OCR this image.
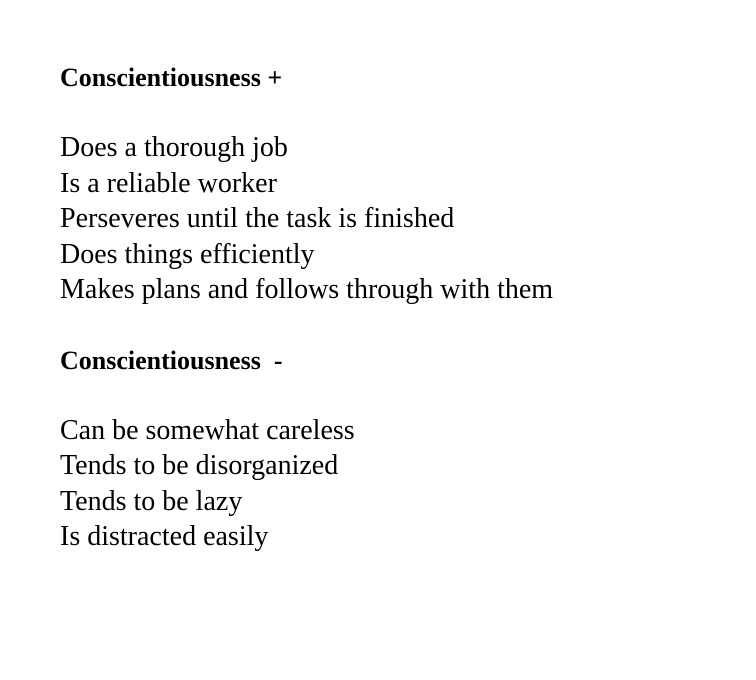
Conscientiousness +
Does a thorough job
Is a reliable worker
Perseveres until the task is finished
Does things efficiently
Makes plans and follows through with them
Conscientiousness  -
Can be somewhat careless
Tends to be disorganized
Tends to be lazy
Is distracted easily
